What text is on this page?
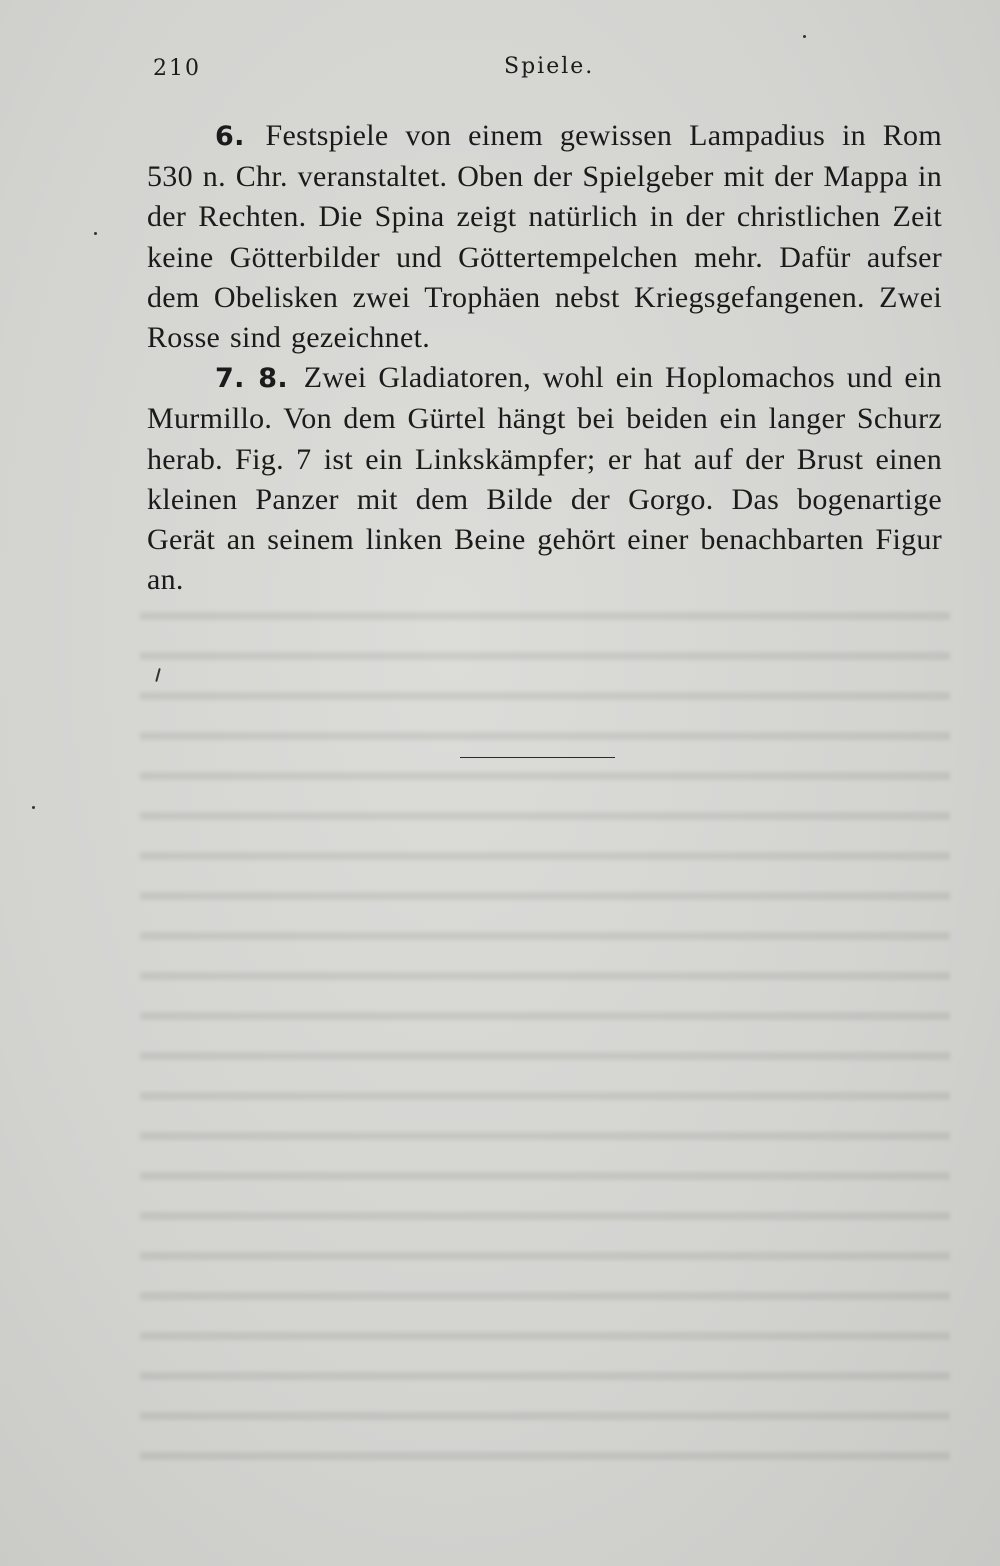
210	Spiele.

6. Festspiele von einem gewissen Lampadius in Rom 530 n. Chr. veranstaltet. Oben der Spielgeber mit der Mappa in der Rechten. Die Spina zeigt natürlich in der christlichen Zeit keine Götterbilder und Göttertempelchen mehr. Dafür aufser dem Obelisken zwei Trophäen nebst Kriegsgefangenen. Zwei Rosse sind gezeichnet.

7. 8. Zwei Gladiatoren, wohl ein Hoplomachos und ein Murmillo. Von dem Gürtel hängt bei beiden ein langer Schurz herab. Fig. 7 ist ein Linkskämpfer; er hat auf der Brust einen kleinen Panzer mit dem Bilde der Gorgo. Das bogenartige Gerät an seinem linken Beine gehört einer benachbarten Figur an.
